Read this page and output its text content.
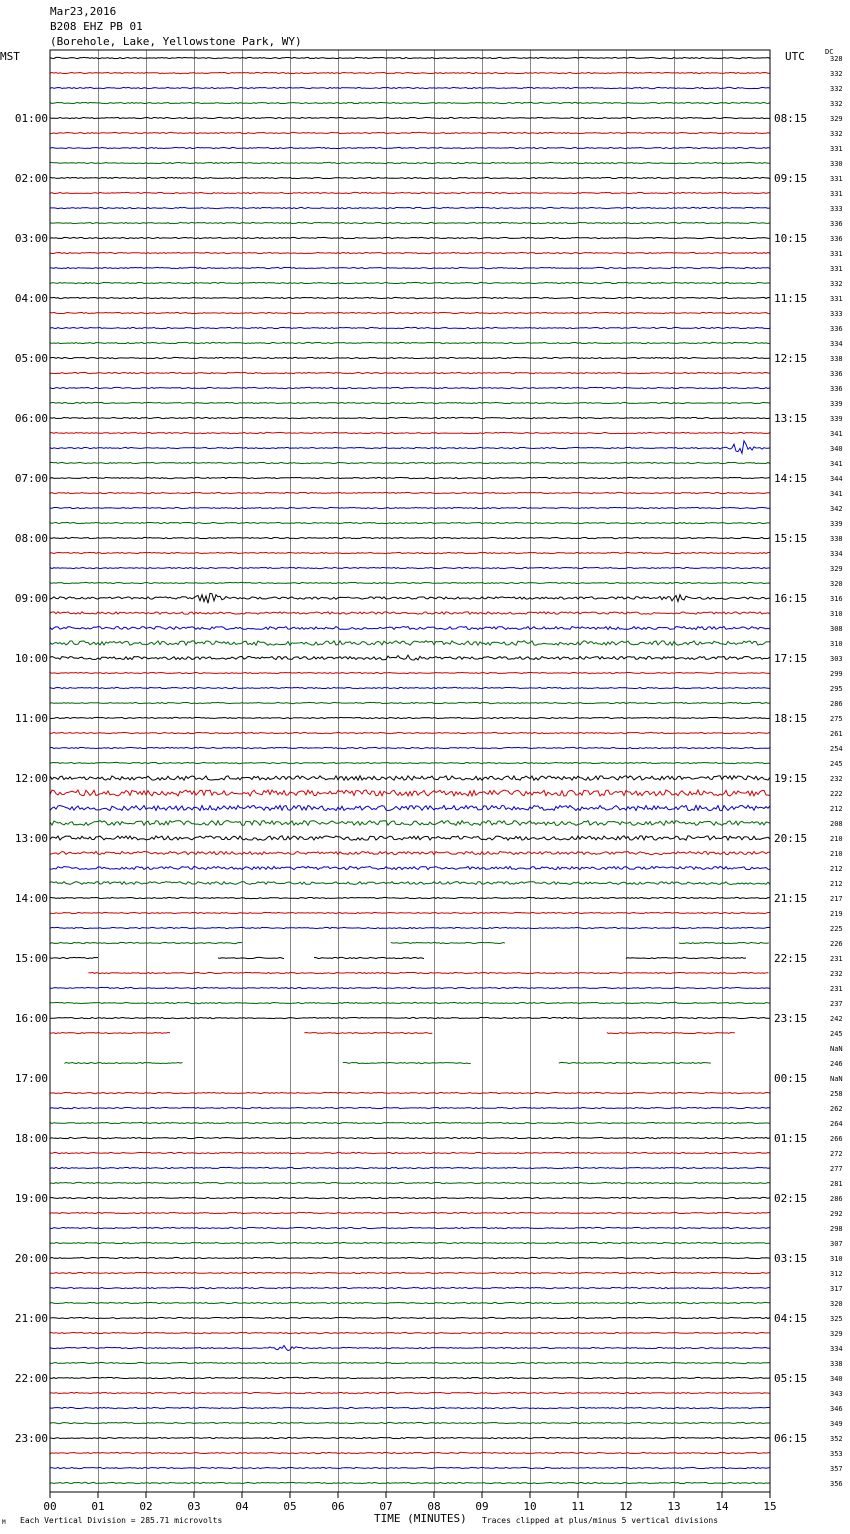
Mar23,2016
B208 EHZ PB 01
(Borehole, Lake, Yellowstone Park, WY)
MST	UTC	DC
01:00
02:00
03:00
04:00
05:00
06:00
07:00
08:00
09:00
10:00
11:00
12:00
13:00
14:00
15:00
16:00
17:00
18:00
19:00
20:00
21:00
22:00
23:00
08:15
09:15
10:15
11:15
12:15
13:15
14:15
15:15
16:15
17:15
18:15
19:15
20:15
21:15
22:15
23:15
00:15
01:15
02:15
03:15
04:15
05:15
06:15
328
332
332
332
329
332
331
330
331
331
333
336
336
331
331
332
331
333
336
334
338
336
336
339
339
341
340
341
344
341
342
339
338
334
329
320
316
310
308
310
303
299
295
286
275
261
254
245
232
222
212
208
210
210
212
212
217
219
225
226
231
232
231
237
242
245
NaN
246
NaN
258
262
264
266
272
277
281
286
292
298
307
310
312
317
320
325
329
334
338
340
343
346
349
352
353
357
356
00	01	02	03	04	05	06	07	08	09	10	11	12	13	14	15
TIME (MINUTES)
Each Vertical Division = 285.71 microvolts	Traces clipped at plus/minus 5 vertical divisions
M
